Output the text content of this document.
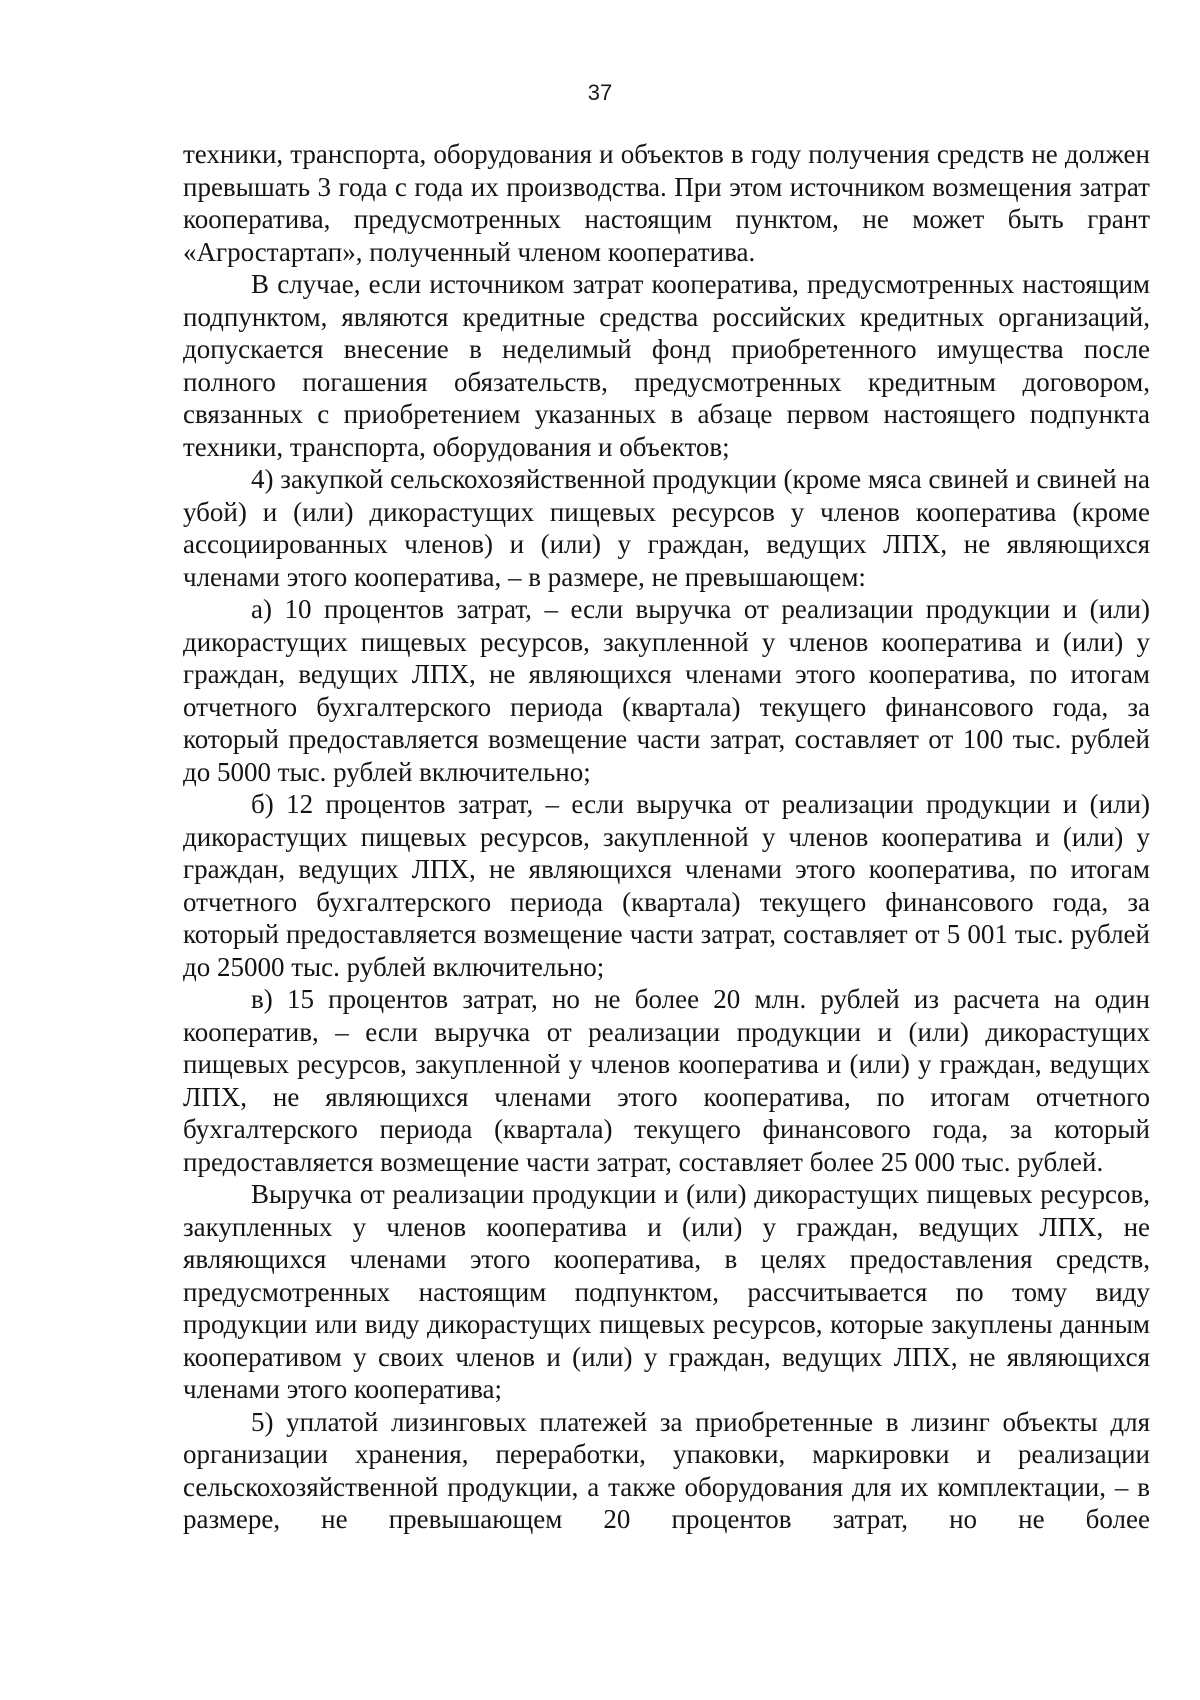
37

техники, транспорта, оборудования и объектов в году получения средств не должен превышать 3 года с года их производства. При этом источником возмещения затрат кооператива, предусмотренных настоящим пунктом, не может быть грант «Агростартап», полученный членом кооператива.

В случае, если источником затрат кооператива, предусмотренных настоящим подпунктом, являются кредитные средства российских кредитных организаций, допускается внесение в неделимый фонд приобретенного имущества после полного погашения обязательств, предусмотренных кредитным договором, связанных с приобретением указанных в абзаце первом настоящего подпункта техники, транспорта, оборудования и объектов;

4) закупкой сельскохозяйственной продукции (кроме мяса свиней и свиней на убой) и (или) дикорастущих пищевых ресурсов у членов кооператива (кроме ассоциированных членов) и (или) у граждан, ведущих ЛПХ, не являющихся членами этого кооператива, – в размере, не превышающем:

а) 10 процентов затрат, – если выручка от реализации продукции и (или) дикорастущих пищевых ресурсов, закупленной у членов кооператива и (или) у граждан, ведущих ЛПХ, не являющихся членами этого кооператива, по итогам отчетного бухгалтерского периода (квартала) текущего финансового года, за который предоставляется возмещение части затрат, составляет от 100 тыс. рублей до 5000 тыс. рублей включительно;

б) 12 процентов затрат, – если выручка от реализации продукции и (или) дикорастущих пищевых ресурсов, закупленной у членов кооператива и (или) у граждан, ведущих ЛПХ, не являющихся членами этого кооператива, по итогам отчетного бухгалтерского периода (квартала) текущего финансового года, за который предоставляется возмещение части затрат, составляет от 5 001 тыс. рублей до 25000 тыс. рублей включительно;

в) 15 процентов затрат, но не более 20 млн. рублей из расчета на один кооператив, – если выручка от реализации продукции и (или) дикорастущих пищевых ресурсов, закупленной у членов кооператива и (или) у граждан, ведущих ЛПХ, не являющихся членами этого кооператива, по итогам отчетного бухгалтерского периода (квартала) текущего финансового года, за который предоставляется возмещение части затрат, составляет более 25 000 тыс. рублей.

Выручка от реализации продукции и (или) дикорастущих пищевых ресурсов, закупленных у членов кооператива и (или) у граждан, ведущих ЛПХ, не являющихся членами этого кооператива, в целях предоставления средств, предусмотренных настоящим подпунктом, рассчитывается по тому виду продукции или виду дикорастущих пищевых ресурсов, которые закуплены данным кооперативом у своих членов и (или) у граждан, ведущих ЛПХ, не являющихся членами этого кооператива;

5) уплатой лизинговых платежей за приобретенные в лизинг объекты для организации хранения, переработки, упаковки, маркировки и реализации сельскохозяйственной продукции, а также оборудования для их комплектации, – в размере, не превышающем 20 процентов затрат, но не более
